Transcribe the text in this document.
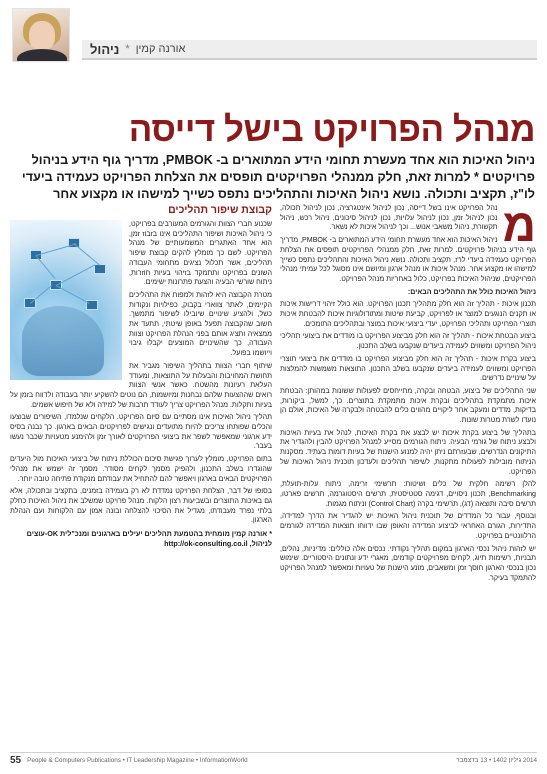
ניהול * אורנה קמין
מנהל הפרויקט בישל דייסה
ניהול האיכות הוא אחד מעשרת תחומי הידע המתוארים ב- PMBOK, מדריך גוף הידע בניהול פרויקטים * למרות זאת, חלק ממנהלי הפרויקטים תופסים את הצלחת הפרויקט כעמידה ביעדי לו"ז, תקציב ותכולה. נושא ניהול האיכות והתהליכים נתפס כשייך למישהו או מקצוע אחר
מ

נהל הפרויקט אינו בשל דייסה, נכון לניהול אינטגרציה, נכון לניהול תכולה, נכון לניהול זמן, נכון לניהול עלויות, נכון לניהול סיכונים, ניהול רכש, ניהול תקשורת, ניהול משאבי אנוש... וכך לניהול איכות לא נשאר.

ניהול האיכות הוא אחד מעשרת תחומי הידע המתוארים ב- PMBOK, מדריך גוף הידע בניהול פרויקטים. למרות זאת, חלק ממנהלי הפרויקטים תופסים את הצלחת הפרויקט כעמידה ביעדי לו"ז, תקציב ותכולה. נושא ניהול האיכות והתהליכים נתפס כשייך למישהו או מקצוע אחר. מנהל איכות או מנהל ארגון ומיושם אינו מסוגל לכל עמיתי מנהלי הפרויקטים, שניהול האיכות בפרויקט, כלול באחריות מנהל הפרויקט.

ניהול האיכות כולל את התהליכים הבאים:

תכנון איכות - תהליך זה הוא חלק מתהליך תכנון הפרויקט. הוא כולל זיהוי דרישות איכות או תקנים הנוגעים למוצר או לפרויקט, קביעת שיטות ומתודולוגיות איכות להבטחת איכות תוצרי הפרויקט ותהליכי הפרויקט, יעדי ביצועי איכות במוצר ובתהליכים התומכים.

ביצוע הבטחת איכות - תהליך זה הוא חלק מביצוע הפרויקט בו מודדים את ביצועי תהליכי ניהול הפרויקט ומשווים לעמידה ביעדים שנקבעו בשלב התכנון.

ביצוע בקרת איכות - תהליך זה הוא חלק מביצוע הפרויקט בו מודדים את ביצועי תוצרי הפרויקט ומשווים לעמידה ביעדים שנקבעו בשלב התכנון. התוצאות משמשות להמלצות על שינויים נדרשים.

שני התהליכים של ביצוע, הבטחה ובקרה, מתייחסים לפעולות ששונות במהותן: הבטחת איכות מתמקדת בתהליכים ובקרת איכות מתמקדת בתוצרים. כך, למשל, ביקורות, בדיקות, מדדים ומעקב אחר ליקויים מהווים כלים להבטחה ולבקרה של האיכות, אולם הן נועדו לשרת מטרות שונות.

בתהליך של ביצוע בקרת איכות יש לבצע את בקרת האיכות, לנהל את בעיות האיכות ולבצע ניתוח של גורמי הבעיה. ניתוח הגורמים מסייע למנהל הפרויקט להבין ולהגדיר את התיקונים הנדרשים, שבעזרתם ניתן יהיה למנוע הישנות של בעיות דומות בעתיד. מסקנות הניתוח מובילות לפעולות מתקנות, לשיפור תהליכים ולעדכון תוכנית ניהול האיכות של הפרויקט.

להלן רשימה חלקית של כלים ושיטות: תרשימי זרימה, ניתוח עלות-תועלת, Benchmarking, תכנון ניסויים, דגימה סטטיסטית, תרשים היסטוגרמה, תרשים פארטו, תרשים סיבה ותוצאה (דג), תרשימי בקרה (Control Chart) וניתוח מגמות.

ובנוסף, עבור כל המדדים של תוכנית ניהול האיכות יש להגדיר את הדרך למדידה, התדירות, הגורם האחראי לביצוע המדידה והאופן שבו ידווחו תוצאות המדידה לגורמים הרלוונטיים בפרויקט.

יש לזהות ניהול נכסי הארגון במקום תהליך נקודתי. נכסים אלה כוללים: מדיניות, נהלים, תבניות, רשימות תיוג, לקחים מפרויקטים קודמים, מאגרי ידע ונתונים היסטוריים. שימוש נכון בנכסי הארגון חוסך זמן ומשאבים, מונע הישנות של טעויות ומאפשר למנהל הפרויקט להתמקד בעיקר.

קבוצת שיפור תהליכים

שכנוע חברי הצוות והגורמים המעורבים בפרויקט, כי ניהול האיכות ושיפור התהליכים אינו בזבוז זמן, הוא אחד האתגרים המשמעותיים של מנהל הפרויקט. לשם כך מומלץ להקים קבוצת שיפור תהליכים, אשר תכלול נציגים מתחומי העבודה השונים בפרויקט ותתמקד בזיהוי בעיות חוזרות, ניתוח שורשי הבעיה והצעת פתרונות ישימים.

מטרת הקבוצה היא לזהות ולמפות את התהליכים הקיימים, לאתר צווארי בקבוק, כפילויות ונקודות כשל, ולהציע שינויים שיובילו לשיפור מתמשך. חשוב שהקבוצה תפעל באופן שיטתי, תתעד את ממצאיה ותציג אותם בפני הנהלת הפרויקט וצוות העבודה, כך שהשינויים המוצעים יקבלו גיבוי וייושמו בפועל.

שיתוף חברי הצוות בתהליך השיפור מגביר את תחושת המחויבות והבעלות על התוצאות, ומעודד העלאת רעיונות מהשטח. כאשר אנשי הצוות רואים שההצעות שלהם נבחנות ומיושמות, הם נוטים להשקיע יותר בעבודה ולדווח בזמן על בעיות ותקלות. מנהל הפרויקט צריך לעודד תרבות של למידה ולא של חיפוש אשמים.

תהליך ניהול האיכות אינו מסתיים עם סיום הפרויקט. הלקחים שנלמדו, השיפורים שבוצעו והכלים שפותחו צריכים להיות מתועדים ונגישים לפרויקטים הבאים בארגון. כך נבנה בסיס ידע ארגוני שמאפשר לשפר את ביצועי הפרויקטים לאורך זמן ולהימנע מטעויות שכבר נעשו בעבר.

בתום הפרויקט, מומלץ לערוך פגישת סיכום הכוללת ניתוח של ביצועי האיכות מול היעדים שהוגדרו בשלב התכנון, ולהפיק מסמך לקחים מסודר. מסמך זה ישמש את מנהלי הפרויקטים הבאים בארגון ויאפשר להם להתחיל את עבודתם מנקודת פתיחה טובה יותר.

בסופו של דבר, הצלחת הפרויקט נמדדת לא רק בעמידה בזמנים, בתקציב ובתכולה, אלא גם באיכות התוצרים ובשביעות רצון הלקוח. מנהל פרויקט שמשלב את ניהול האיכות כחלק בלתי נפרד מעבודתו, מגדיל את הסיכוי להצלחה ובונה אמון עם הלקוחות ועם הנהלת הארגון.

* אורנה קמין מומחית בהטמעת תהליכים יעילים בארגונים ומנכ"לית OK-עוצים לניהול, http://ok-consulting.co.il
55 People & Computers Publications • IT Leadership Magazine • InformationWorld	2014 גיליון 1402 • 13 בדצמבר
